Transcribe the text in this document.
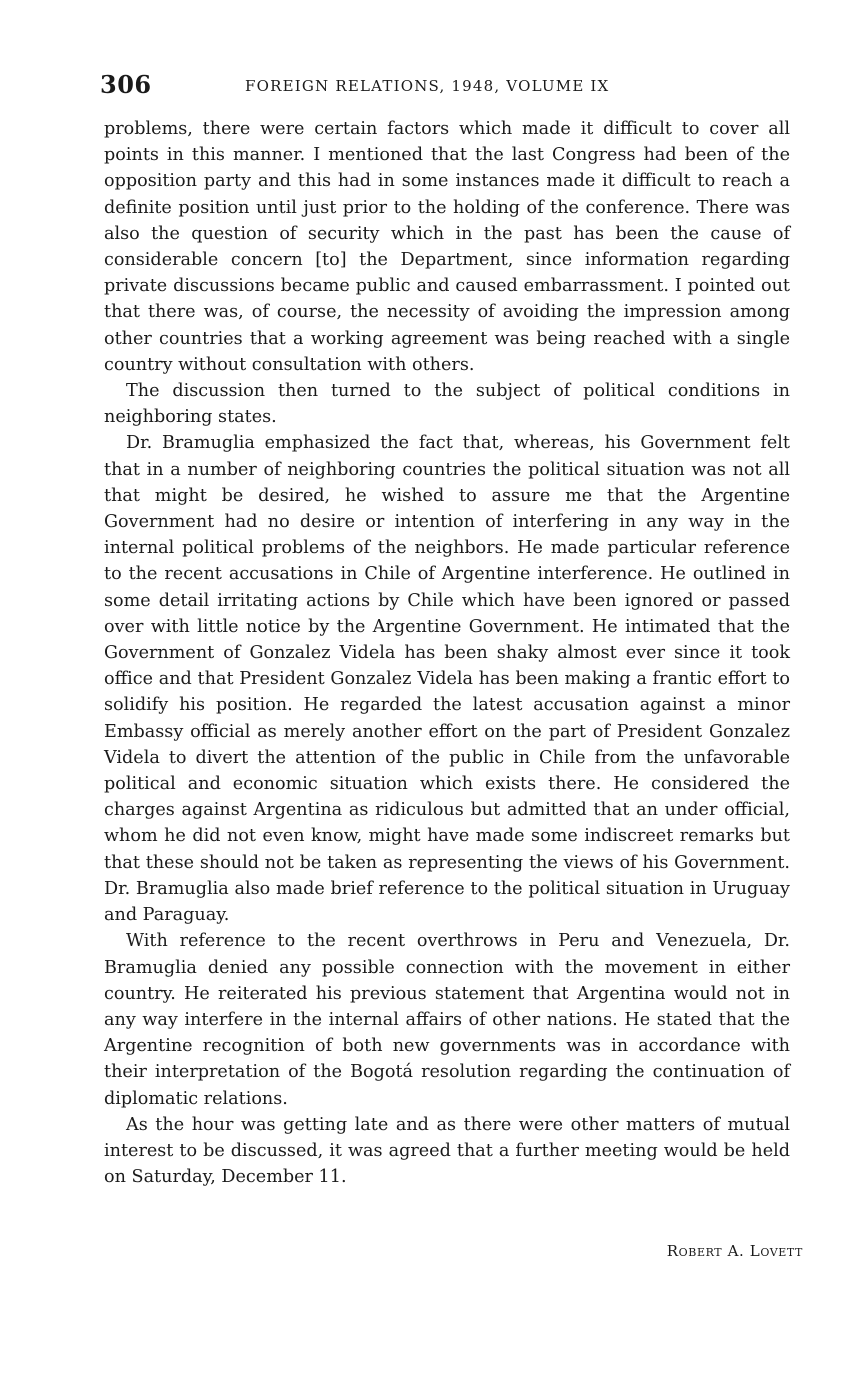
306	FOREIGN RELATIONS, 1948, VOLUME IX

problems, there were certain factors which made it difficult to cover all points in this manner. I mentioned that the last Congress had been of the opposition party and this had in some instances made it difficult to reach a definite position until just prior to the holding of the conference. There was also the question of security which in the past has been the cause of considerable concern [to] the Department, since information regarding private discussions became public and caused embarrassment. I pointed out that there was, of course, the necessity of avoiding the impression among other countries that a working agreement was being reached with a single country without consultation with others.

The discussion then turned to the subject of political conditions in neighboring states.

Dr. Bramuglia emphasized the fact that, whereas, his Government felt that in a number of neighboring countries the political situation was not all that might be desired, he wished to assure me that the Argentine Government had no desire or intention of interfering in any way in the internal political problems of the neighbors. He made particular reference to the recent accusations in Chile of Argentine interference. He outlined in some detail irritating actions by Chile which have been ignored or passed over with little notice by the Argentine Government. He intimated that the Government of Gonzalez Videla has been shaky almost ever since it took office and that President Gonzalez Videla has been making a frantic effort to solidify his position. He regarded the latest accusation against a minor Embassy official as merely another effort on the part of President Gonzalez Videla to divert the attention of the public in Chile from the unfavorable political and economic situation which exists there. He considered the charges against Argentina as ridiculous but admitted that an under official, whom he did not even know, might have made some indiscreet remarks but that these should not be taken as representing the views of his Government. Dr. Bramuglia also made brief reference to the political situation in Uruguay and Paraguay.

With reference to the recent overthrows in Peru and Venezuela, Dr. Bramuglia denied any possible connection with the movement in either country. He reiterated his previous statement that Argentina would not in any way interfere in the internal affairs of other nations. He stated that the Argentine recognition of both new governments was in accordance with their interpretation of the Bogotá resolution regarding the continuation of diplomatic relations.

As the hour was getting late and as there were other matters of mutual interest to be discussed, it was agreed that a further meeting would be held on Saturday, December 11.

Robert A. Lovett
